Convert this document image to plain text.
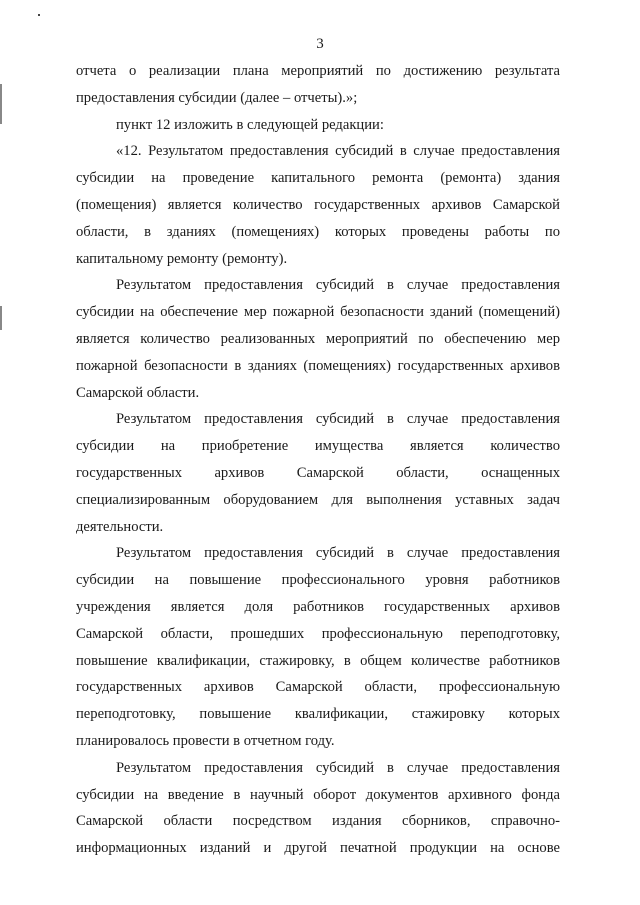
3
отчета о реализации плана мероприятий по достижению результата
предоставления субсидии (далее – отчеты).»;
пункт 12 изложить в следующей редакции:
«12. Результатом предоставления субсидий в случае предоставления
субсидии на проведение капитального ремонта (ремонта) здания
(помещения) является количество государственных архивов Самарской
области, в зданиях (помещениях) которых проведены работы по
капитальному ремонту (ремонту).
Результатом предоставления субсидий в случае предоставления
субсидии на обеспечение мер пожарной безопасности зданий (помещений)
является количество реализованных мероприятий по обеспечению мер
пожарной безопасности в зданиях (помещениях) государственных архивов
Самарской области.
Результатом предоставления субсидий в случае предоставления
субсидии на приобретение имущества является количество
государственных архивов Самарской области, оснащенных
специализированным оборудованием для выполнения уставных задач
деятельности.
Результатом предоставления субсидий в случае предоставления
субсидии на повышение профессионального уровня работников
учреждения является доля работников государственных архивов
Самарской области, прошедших профессиональную переподготовку,
повышение квалификации, стажировку, в общем количестве работников
государственных архивов Самарской области, профессиональную
переподготовку, повышение квалификации, стажировку которых
планировалось провести в отчетном году.
Результатом предоставления субсидий в случае предоставления
субсидии на введение в научный оборот документов архивного фонда
Самарской области посредством издания сборников, справочно-
информационных изданий и другой печатной продукции на основе
